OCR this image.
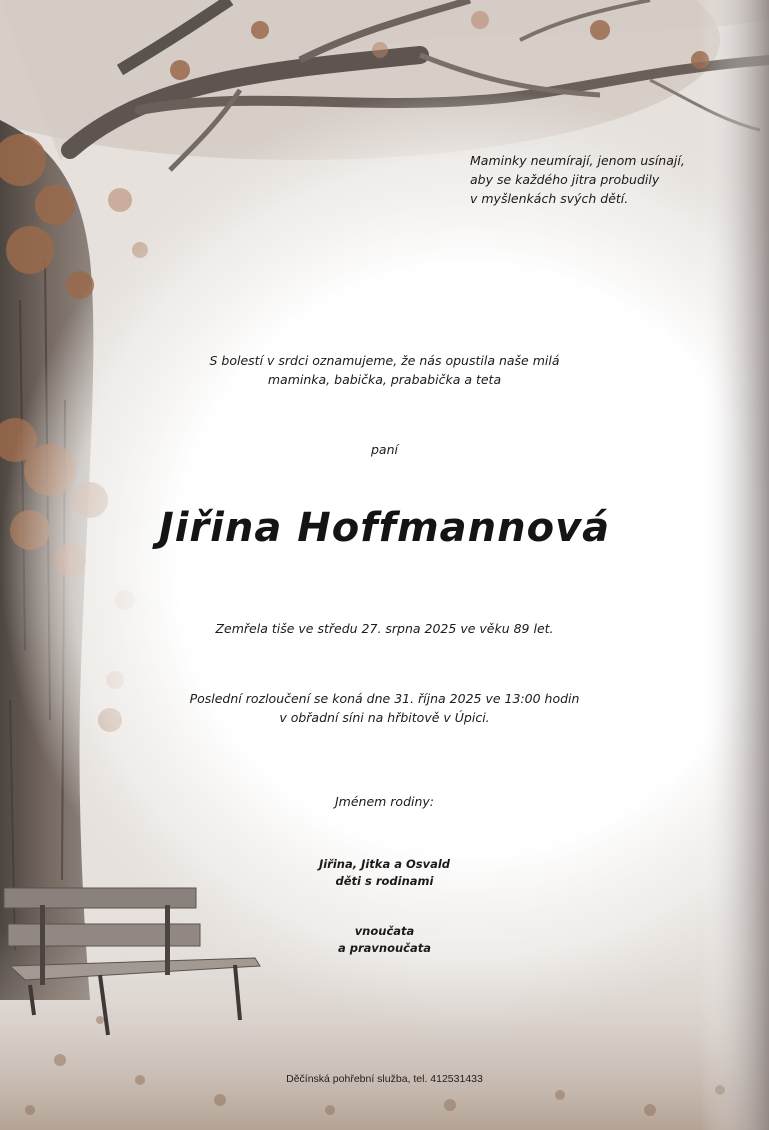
Maminky neumírají, jenom usínají,
aby se každého jitra probudily
v myšlenkách svých dětí.
S bolestí v srdci oznamujeme, že nás opustila naše milá
maminka, babička, prababička a teta
paní
Jiřina Hoffmannová
Zemřela tiše ve středu 27. srpna 2025 ve věku 89 let.
Poslední rozloučení se koná dne 31. října 2025 ve 13:00 hodin
v obřadní síni na hřbitově v Úpici.
Jménem rodiny:
Jiřina, Jitka a Osvald
děti s rodinami
vnoučata
a pravnoučata
Děčínská pohřební služba, tel. 412531433
